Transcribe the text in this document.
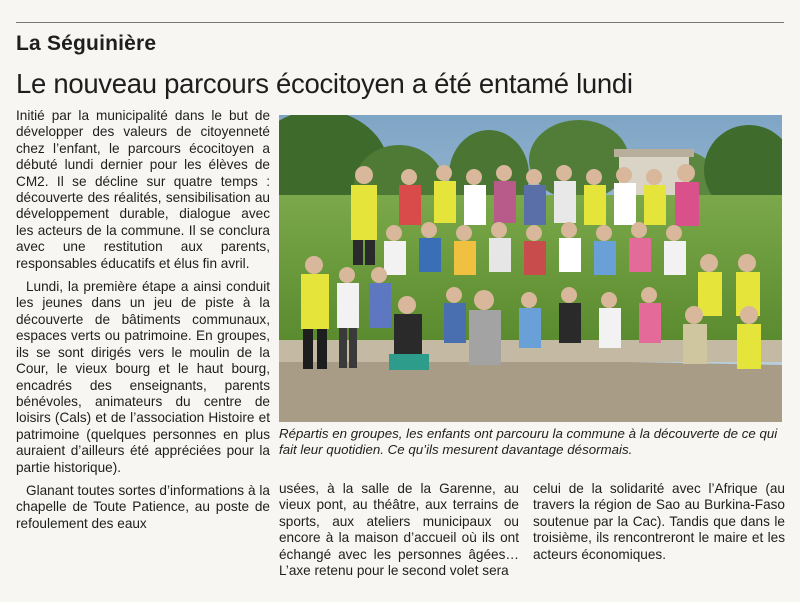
La Séguinière
Le nouveau parcours écocitoyen a été entamé lundi

Initié par la municipalité dans le but de développer des valeurs de citoyenneté chez l’enfant, le parcours écocitoyen a débuté lundi dernier pour les élèves de CM2. Il se décline sur quatre temps : découverte des réalités, sensibilisation au développement durable, dialogue avec les acteurs de la commune. Il se conclura avec une restitution aux parents, responsables éducatifs et élus fin avril.

Lundi, la première étape a ainsi conduit les jeunes dans un jeu de piste à la découverte de bâtiments communaux, espaces verts ou patrimoine. En groupes, ils se sont dirigés vers le moulin de la Cour, le vieux bourg et le haut bourg, encadrés des enseignants, parents bénévoles, animateurs du centre de loisirs (Cals) et de l’association Histoire et patrimoine (quelques personnes en plus auraient d’ailleurs été appréciées pour la partie historique).

Glanant toutes sortes d’informations à la chapelle de Toute Patience, au poste de refoulement des eaux

Répartis en groupes, les enfants ont parcouru la commune à la découverte de ce qui fait leur quotidien. Ce qu’ils mesurent davantage désormais.

usées, à la salle de la Garenne, au vieux pont, au théâtre, aux terrains de sports, aux ateliers municipaux ou encore à la maison d’accueil où ils ont échangé avec les personnes âgées… L’axe retenu pour le second volet sera

celui de la solidarité avec l’Afrique (au travers la région de Sao au Burkina-Faso soutenue par la Cac). Tandis que dans le troisième, ils rencontreront le maire et les acteurs économiques.
